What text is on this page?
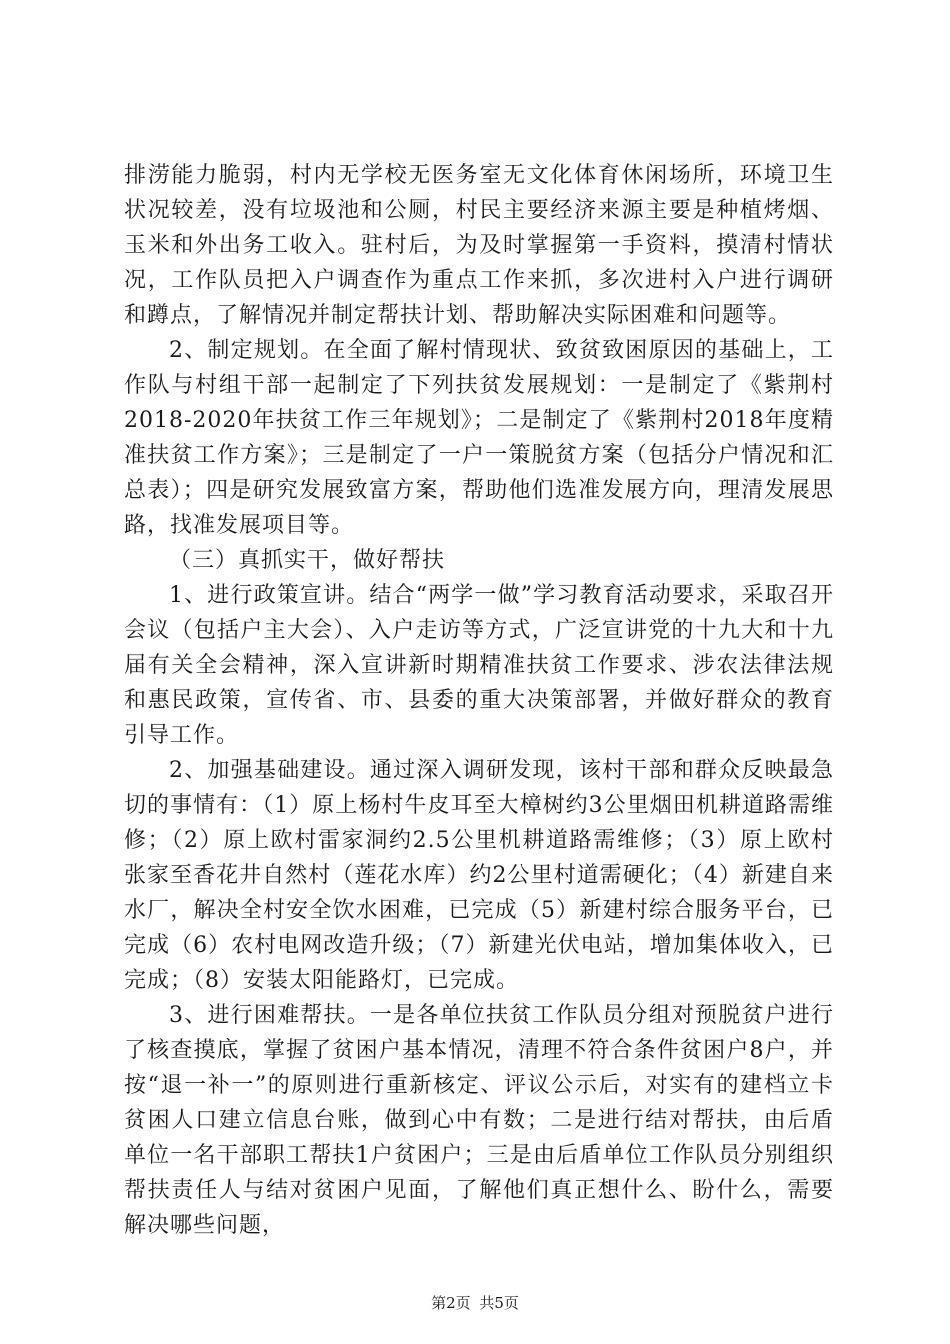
排涝能力脆弱，村内无学校无医务室无文化体育休闲场所，环境卫生状况较差，没有垃圾池和公厕，村民主要经济来源主要是种植烤烟、玉米和外出务工收入。驻村后，为及时掌握第一手资料，摸清村情状况，工作队员把入户调查作为重点工作来抓，多次进村入户进行调研和蹲点，了解情况并制定帮扶计划、帮助解决实际困难和问题等。

2、制定规划。在全面了解村情现状、致贫致困原因的基础上，工作队与村组干部一起制定了下列扶贫发展规划：一是制定了《紫荆村2018-2020年扶贫工作三年规划》；二是制定了《紫荆村2018年度精准扶贫工作方案》；三是制定了一户一策脱贫方案（包括分户情况和汇总表）；四是研究发展致富方案，帮助他们选准发展方向，理清发展思路，找准发展项目等。

（三）真抓实干，做好帮扶

1、进行政策宣讲。结合“两学一做”学习教育活动要求，采取召开会议（包括户主大会）、入户走访等方式，广泛宣讲党的十九大和十九届有关全会精神，深入宣讲新时期精准扶贫工作要求、涉农法律法规和惠民政策，宣传省、市、县委的重大决策部署，并做好群众的教育引导工作。

2、加强基础建设。通过深入调研发现，该村干部和群众反映最急切的事情有：（1）原上杨村牛皮耳至大樟树约3公里烟田机耕道路需维修；（2）原上欧村雷家洞约2.5公里机耕道路需维修；（3）原上欧村张家至香花井自然村（莲花水库）约2公里村道需硬化；（4）新建自来水厂，解决全村安全饮水困难，已完成（5）新建村综合服务平台，已完成（6）农村电网改造升级；（7）新建光伏电站，增加集体收入，已完成；（8）安装太阳能路灯，已完成。

3、进行困难帮扶。一是各单位扶贫工作队员分组对预脱贫户进行了核查摸底，掌握了贫困户基本情况，清理不符合条件贫困户8户，并按“退一补一”的原则进行重新核定、评议公示后，对实有的建档立卡贫困人口建立信息台账，做到心中有数；二是进行结对帮扶，由后盾单位一名干部职工帮扶1户贫困户；三是由后盾单位工作队员分别组织帮扶责任人与结对贫困户见面，了解他们真正想什么、盼什么，需要解决哪些问题，

第2页 共5页
